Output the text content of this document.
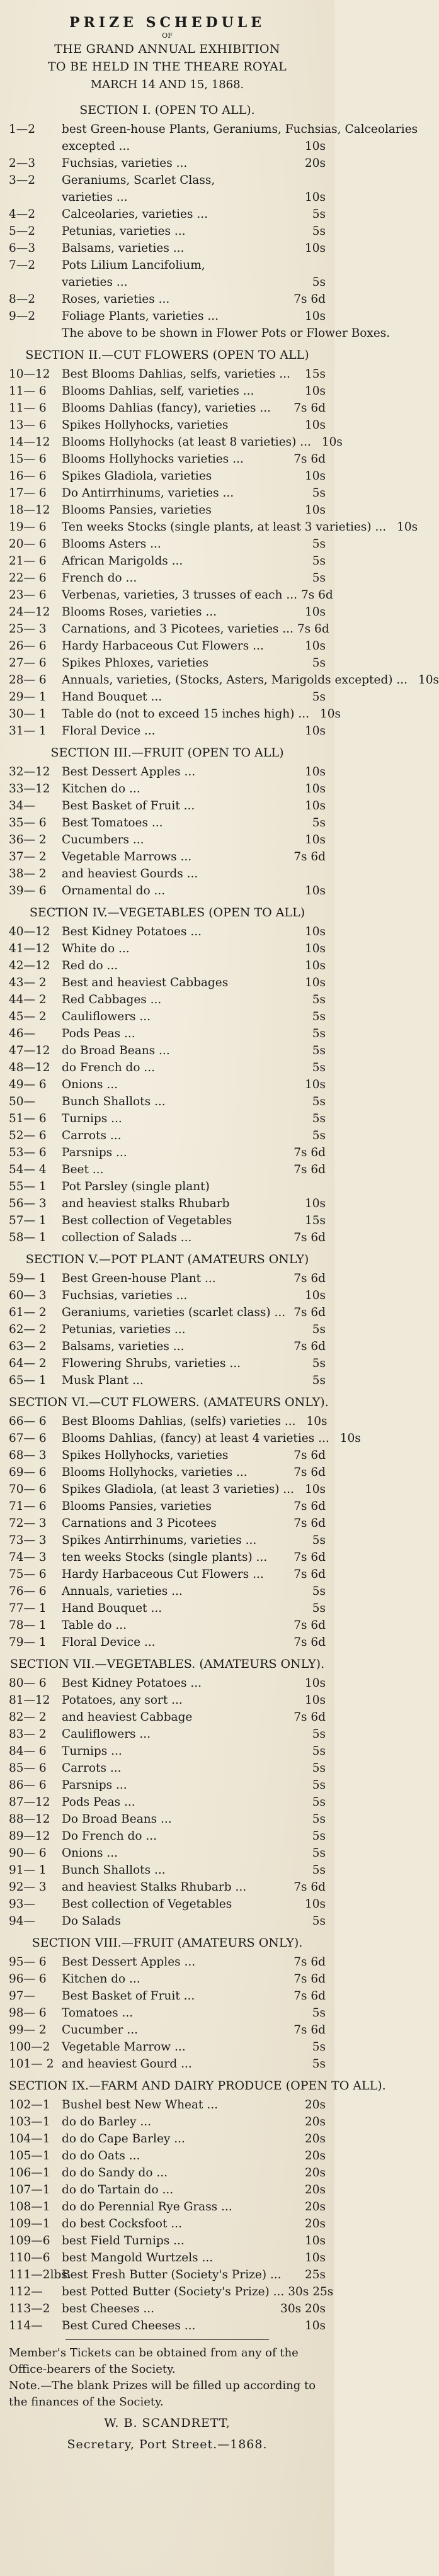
PRIZE SCHEDULE

OF

THE GRAND ANNUAL EXHIBITION
TO BE HELD IN THE THEARE ROYAL

MARCH 14 AND 15, 1868.

SECTION I. (OPEN TO ALL).
1—2	best Green-house Plants, Geraniums, Fuchsias, Calceolaries
excepted ...	10s
2—3	Fuchsias, varieties ...	20s
3—2	Geraniums, Scarlet Class,
varieties ...	10s
4—2	Calceolaries, varieties ...	5s
5—2	Petunias, varieties ...	5s
6—3	Balsams, varieties ...	10s
7—2	Pots Lilium Lancifolium,
varieties ...	5s
8—2	Roses, varieties ...	7s 6d
9—2	Foliage Plants, varieties ...	10s
The above to be shown in Flower Pots or Flower Boxes.
SECTION II.—CUT FLOWERS (OPEN TO ALL)
10—12 Best Blooms Dahlias, selfs, varieties ...	15s
11— 6	Blooms Dahlias, self, varieties ...	10s
11— 6	Blooms Dahlias (fancy), varieties ...	7s 6d
13— 6	Spikes Hollyhocks, varieties	10s
14—12 Blooms Hollyhocks (at least 8 varieties) ... 10s
15— 6	Blooms Hollyhocks varieties ...	7s 6d
16— 6	Spikes Gladiola, varieties	10s
17— 6	Do Antirrhinums, varieties ...	5s
18—12 Blooms Pansies, varieties	10s
19— 6	Ten weeks Stocks (single plants, at least 3 varieties) ... 10s
20— 6	Blooms Asters ...	5s
21— 6	African Marigolds ...	5s
22— 6	French do ...	5s
23— 6	Verbenas, varieties, 3 trusses of each ... 7s 6d
24—12 Blooms Roses, varieties ...	10s
25— 3	Carnations, and 3 Picotees, varieties ... 7s 6d
26— 6	Hardy Harbaceous Cut Flowers ...	10s
27— 6	Spikes Phloxes, varieties	5s
28— 6	Annuals, varieties, (Stocks, Asters, Marigolds excepted) ... 10s
29— 1	Hand Bouquet ...	5s
30— 1	Table do (not to exceed 15 inches high) ... 10s
31— 1	Floral Device ...	10s
SECTION III.—FRUIT (OPEN TO ALL)
32—12 Best Dessert Apples ...	10s
33—12 Kitchen do ...	10s
34—	Best Basket of Fruit ...	10s
35— 6	Best Tomatoes ...	5s
36— 2	Cucumbers ...	10s
37— 2	Vegetable Marrows ...	7s 6d
38— 2	and heaviest Gourds ...
39— 6	Ornamental do ...	10s
SECTION IV.—VEGETABLES (OPEN TO ALL)
40—12 Best Kidney Potatoes ...	10s
41—12 White do ...	10s
42—12 Red do ...	10s
43— 2	Best and heaviest Cabbages	10s
44— 2	Red Cabbages ...	5s
45— 2	Cauliflowers ...	5s
46—	Pods Peas ...	5s
47—12 do Broad Beans ...	5s
48—12 do French do ...	5s
49— 6	Onions ...	10s
50—	Bunch Shallots ...	5s
51— 6	Turnips ...	5s
52— 6	Carrots ...	5s
53— 6	Parsnips ...	7s 6d
54— 4	Beet ...	7s 6d
55— 1	Pot Parsley (single plant)
56— 3	and heaviest stalks Rhubarb	10s
57— 1	Best collection of Vegetables	15s
58— 1	collection of Salads ...	7s 6d
SECTION V.—POT PLANT (AMATEURS ONLY)
59— 1	Best Green-house Plant ...	7s 6d
60— 3	Fuchsias, varieties ...	10s
61— 2	Geraniums, varieties (scarlet class) ... 7s 6d
62— 2	Petunias, varieties ...	5s
63— 2	Balsams, varieties ...	7s 6d
64— 2	Flowering Shrubs, varieties ...	5s
65— 1	Musk Plant ...	5s
SECTION VI.—CUT FLOWERS. (AMATEURS ONLY).
66— 6	Best Blooms Dahlias, (selfs) varieties ... 10s
67— 6	Blooms Dahlias, (fancy) at least 4 varieties ... 10s
68— 3	Spikes Hollyhocks, varieties	7s 6d
69— 6	Blooms Hollyhocks, varieties ...	7s 6d
70— 6	Spikes Gladiola, (at least 3 varieties) ... 10s
71— 6	Blooms Pansies, varieties	7s 6d
72— 3	Carnations and 3 Picotees	7s 6d
73— 3	Spikes Antirrhinums, varieties ...	5s
74— 3	ten weeks Stocks (single plants) ...	7s 6d
75— 6	Hardy Harbaceous Cut Flowers ...	7s 6d
76— 6	Annuals, varieties ...	5s
77— 1	Hand Bouquet ...	5s
78— 1	Table do ...	7s 6d
79— 1	Floral Device ...	7s 6d
SECTION VII.—VEGETABLES. (AMATEURS ONLY).
80— 6	Best Kidney Potatoes ...	10s
81—12 Potatoes, any sort ...	10s
82— 2	and heaviest Cabbage	7s 6d
83— 2	Cauliflowers ...	5s
84— 6	Turnips ...	5s
85— 6	Carrots ...	5s
86— 6	Parsnips ...	5s
87—12 Pods Peas ...	5s
88—12 Do Broad Beans ...	5s
89—12 Do French do ...	5s
90— 6	Onions ...	5s
91— 1	Bunch Shallots ...	5s
92— 3	and heaviest Stalks Rhubarb ...	7s 6d
93—	Best collection of Vegetables	10s
94—	Do Salads	5s
SECTION VIII.—FRUIT (AMATEURS ONLY).
95— 6	Best Dessert Apples ...	7s 6d
96— 6	Kitchen do ...	7s 6d
97—	Best Basket of Fruit ...	7s 6d
98— 6	Tomatoes ...	5s
99— 2	Cucumber ...	7s 6d
100—2 Vegetable Marrow ...	5s
101— 2 and heaviest Gourd ...	5s
SECTION IX.—FARM AND DAIRY PRODUCE (OPEN TO ALL).
102—1 Bushel best New Wheat ...	20s
103—1 do do Barley ...	20s
104—1 do do Cape Barley ...	20s
105—1 do do Oats ...	20s
106—1 do do Sandy do ...	20s
107—1 do do Tartain do ...	20s
108—1 do do Perennial Rye Grass ...	20s
109—1 do best Cocksfoot ...	20s
109—6 best Field Turnips ...	10s
110—6 best Mangold Wurtzels ...	10s
111—2lbs.
Best Fresh Butter (Society's Prize) ...	25s
112—	best Potted Butter (Society's Prize) ... 30s 25s
113—2 best Cheeses ...	30s 20s
114—	Best Cured Cheeses ...	10s

Member's Tickets can be obtained from any of the Office-bearers of the Society.

Note.—The blank Prizes will be filled up according to the finances of the Society.

W. B. SCANDRETT,

Secretary, Port Street.—1868.
